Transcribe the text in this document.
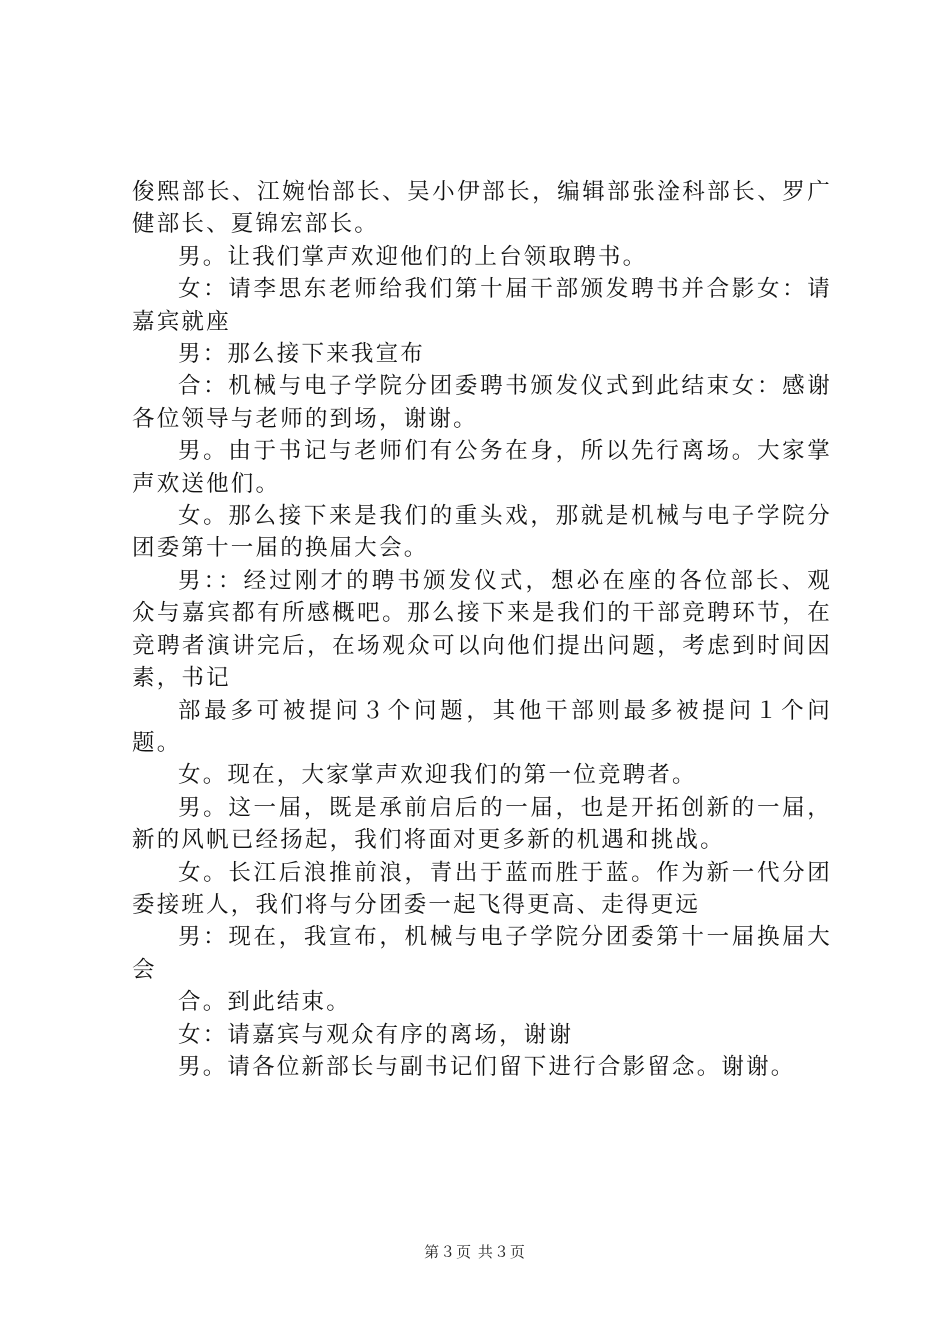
俊熙部长、江婉怡部长、吴小伊部长，编辑部张淦科部长、罗广健部长、夏锦宏部长。

男。让我们掌声欢迎他们的上台领取聘书。

女：请李思东老师给我们第十届干部颁发聘书并合影女：请嘉宾就座

男：那么接下来我宣布

合：机械与电子学院分团委聘书颁发仪式到此结束女：感谢各位领导与老师的到场，谢谢。

男。由于书记与老师们有公务在身，所以先行离场。大家掌声欢送他们。

女。那么接下来是我们的重头戏，那就是机械与电子学院分团委第十一届的换届大会。

男：：经过刚才的聘书颁发仪式，想必在座的各位部长、观众与嘉宾都有所感概吧。那么接下来是我们的干部竞聘环节，在竞聘者演讲完后，在场观众可以向他们提出问题，考虑到时间因素，书记

部最多可被提问３个问题，其他干部则最多被提问１个问题。

女。现在，大家掌声欢迎我们的第一位竞聘者。

男。这一届，既是承前启后的一届，也是开拓创新的一届，新的风帆已经扬起，我们将面对更多新的机遇和挑战。

女。长江后浪推前浪，青出于蓝而胜于蓝。作为新一代分团委接班人，我们将与分团委一起飞得更高、走得更远

男：现在，我宣布，机械与电子学院分团委第十一届换届大会

合。到此结束。

女：请嘉宾与观众有序的离场，谢谢

男。请各位新部长与副书记们留下进行合影留念。谢谢。

第３页 共３页
